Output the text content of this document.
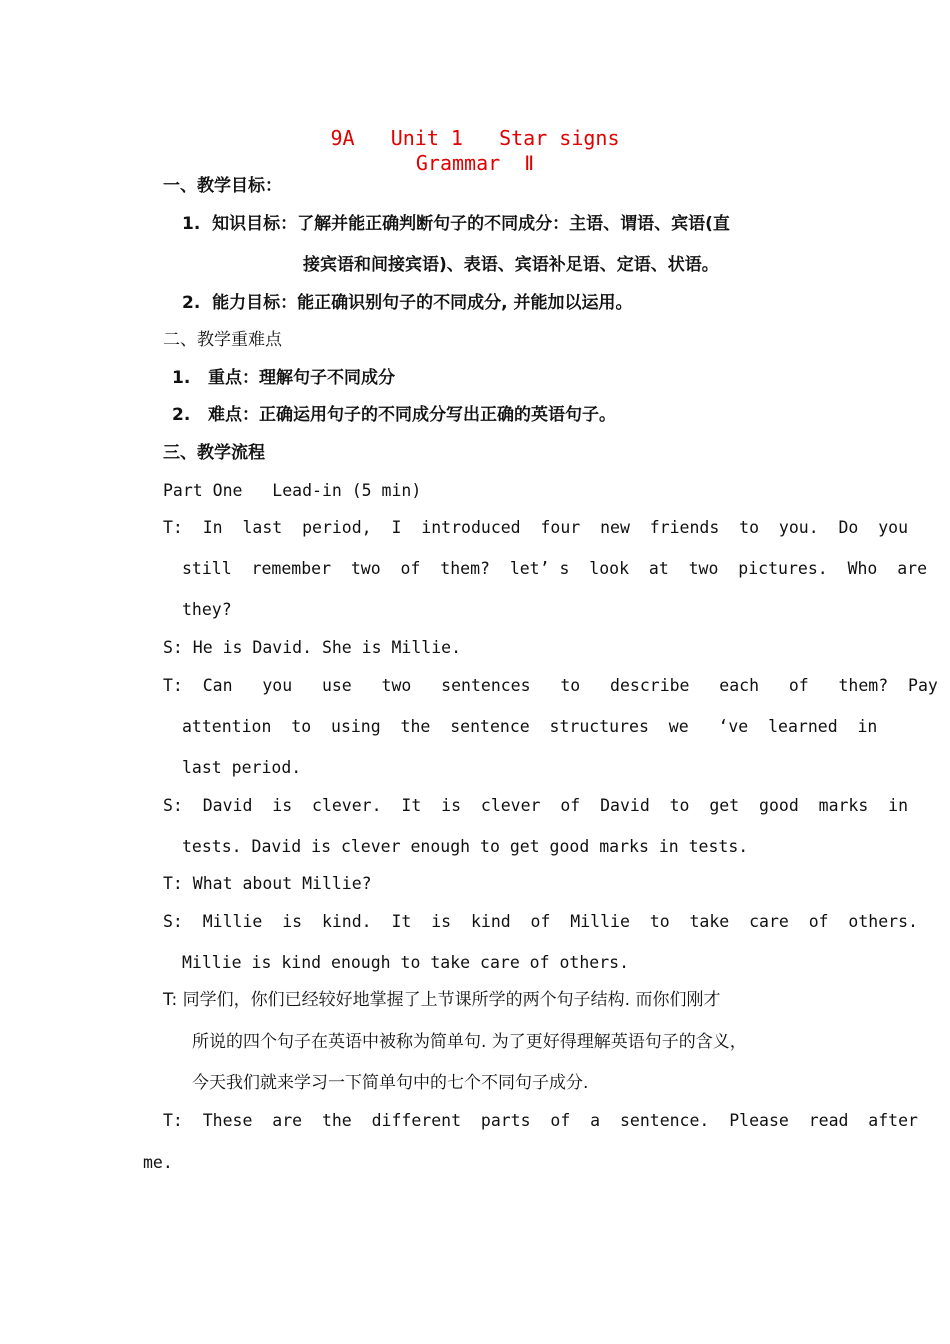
9A   Unit 1   Star signs
Grammar  Ⅱ
一、教学目标：
1.  知识目标：了解并能正确判断句子的不同成分：主语、谓语、宾语(直
接宾语和间接宾语)、表语、宾语补足语、定语、状语。
2.  能力目标：能正确识别句子的不同成分, 并能加以运用。
二、教学重难点
1.   重点：理解句子不同成分
2.   难点：正确运用句子的不同成分写出正确的英语句子。
三、教学流程
Part One   Lead-in (5 min)
T:  In  last  period,  I  introduced  four  new  friends  to  you.  Do  you
still  remember  two  of  them?  let’ s  look  at  two  pictures.  Who  are
they?
S: He is David. She is Millie.
T:  Can   you   use   two   sentences   to   describe   each   of   them?  Pay
attention  to  using  the  sentence  structures  we   ‘ve  learned  in
last period.
S:  David  is  clever.  It  is  clever  of  David  to  get  good  marks  in
tests. David is clever enough to get good marks in tests.
T: What about Millie?
S:  Millie  is  kind.  It  is  kind  of  Millie  to  take  care  of  others.
Millie is kind enough to take care of others.
T: 同学们，你们已经较好地掌握了上节课所学的两个句子结构. 而你们刚才
所说的四个句子在英语中被称为简单句. 为了更好得理解英语句子的含义，
今天我们就来学习一下简单句中的七个不同句子成分.
T:  These  are  the  different  parts  of  a  sentence.  Please  read  after
me.
